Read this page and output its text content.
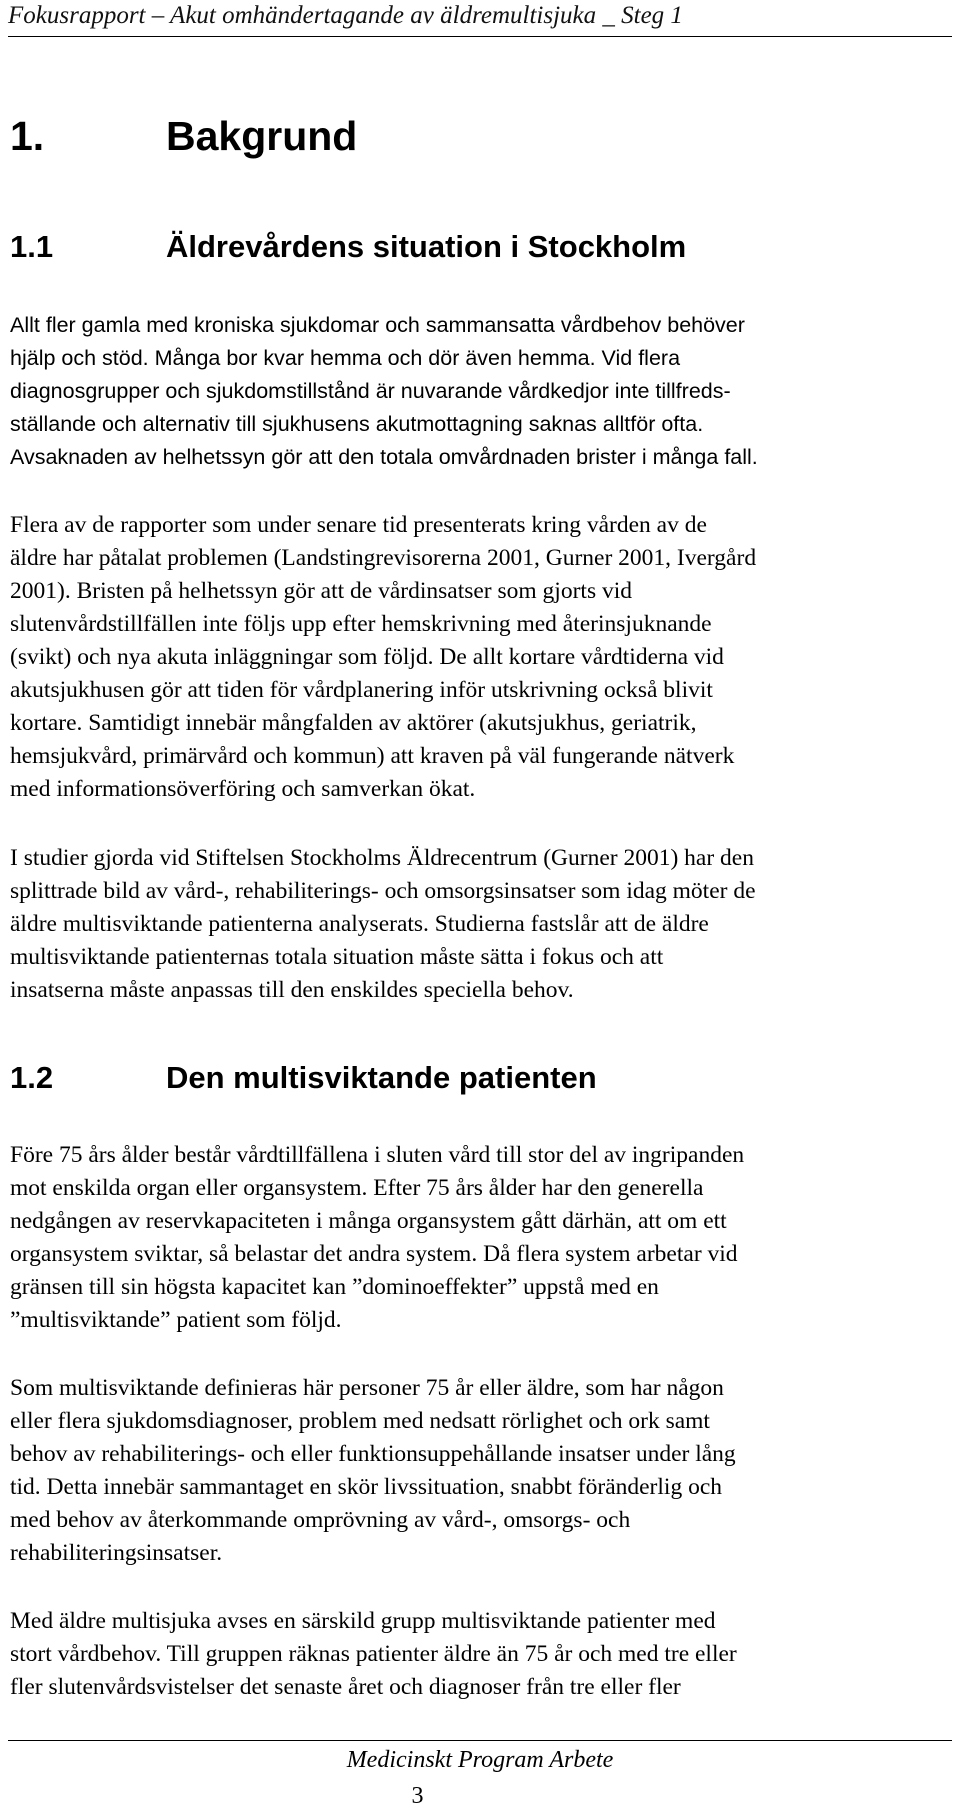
Fokusrapport – Akut omhändertagande av äldremultisjuka _ Steg 1
1.	Bakgrund
1.1	Äldrevårdens situation i Stockholm
Allt fler gamla med kroniska sjukdomar och sammansatta vårdbehov behöver
hjälp och stöd. Många bor kvar hemma och dör även hemma. Vid flera
diagnosgrupper och sjukdomstillstånd är nuvarande vårdkedjor inte tillfreds-
ställande och alternativ till sjukhusens akutmottagning saknas alltför ofta.
Avsaknaden av helhetssyn gör att den totala omvårdnaden brister i många fall.
Flera av de rapporter som under senare tid presenterats kring vården av de
äldre har påtalat problemen (Landstingrevisorerna 2001, Gurner 2001, Ivergård
2001). Bristen på helhetssyn gör att de vårdinsatser som gjorts vid
slutenvårdstillfällen inte följs upp efter hemskrivning med återinsjuknande
(svikt) och nya akuta inläggningar som följd. De allt kortare vårdtiderna vid
akutsjukhusen gör att tiden för vårdplanering inför utskrivning också blivit
kortare. Samtidigt innebär mångfalden av aktörer (akutsjukhus, geriatrik,
hemsjukvård, primärvård och kommun) att kraven på väl fungerande nätverk
med informationsöverföring och samverkan ökat.
I studier gjorda vid Stiftelsen Stockholms Äldrecentrum (Gurner 2001) har den
splittrade bild av vård-, rehabiliterings- och omsorgsinsatser som idag möter de
äldre multisviktande patienterna analyserats. Studierna fastslår att de äldre
multisviktande patienternas totala situation måste sätta i fokus och att
insatserna måste anpassas till den enskildes speciella behov.
1.2	Den multisviktande patienten
Före 75 års ålder består vårdtillfällena i sluten vård till stor del av ingripanden
mot enskilda organ eller organsystem. Efter 75 års ålder har den generella
nedgången av reservkapaciteten i många organsystem gått därhän, att om ett
organsystem sviktar, så belastar det andra system. Då flera system arbetar vid
gränsen till sin högsta kapacitet kan ”dominoeffekter” uppstå med en
”multisviktande” patient som följd.
Som multisviktande definieras här personer 75 år eller äldre, som har någon
eller flera sjukdomsdiagnoser, problem med nedsatt rörlighet och ork samt
behov av rehabiliterings- och eller funktionsuppehållande insatser under lång
tid. Detta innebär sammantaget en skör livssituation, snabbt föränderlig och
med behov av återkommande omprövning av vård-, omsorgs- och
rehabiliteringsinsatser.
Med äldre multisjuka avses en särskild grupp multisviktande patienter med
stort vårdbehov. Till gruppen räknas patienter äldre än 75 år och med tre eller
fler slutenvårdsvistelser det senaste året och diagnoser från tre eller fler
Medicinskt Program Arbete
3
